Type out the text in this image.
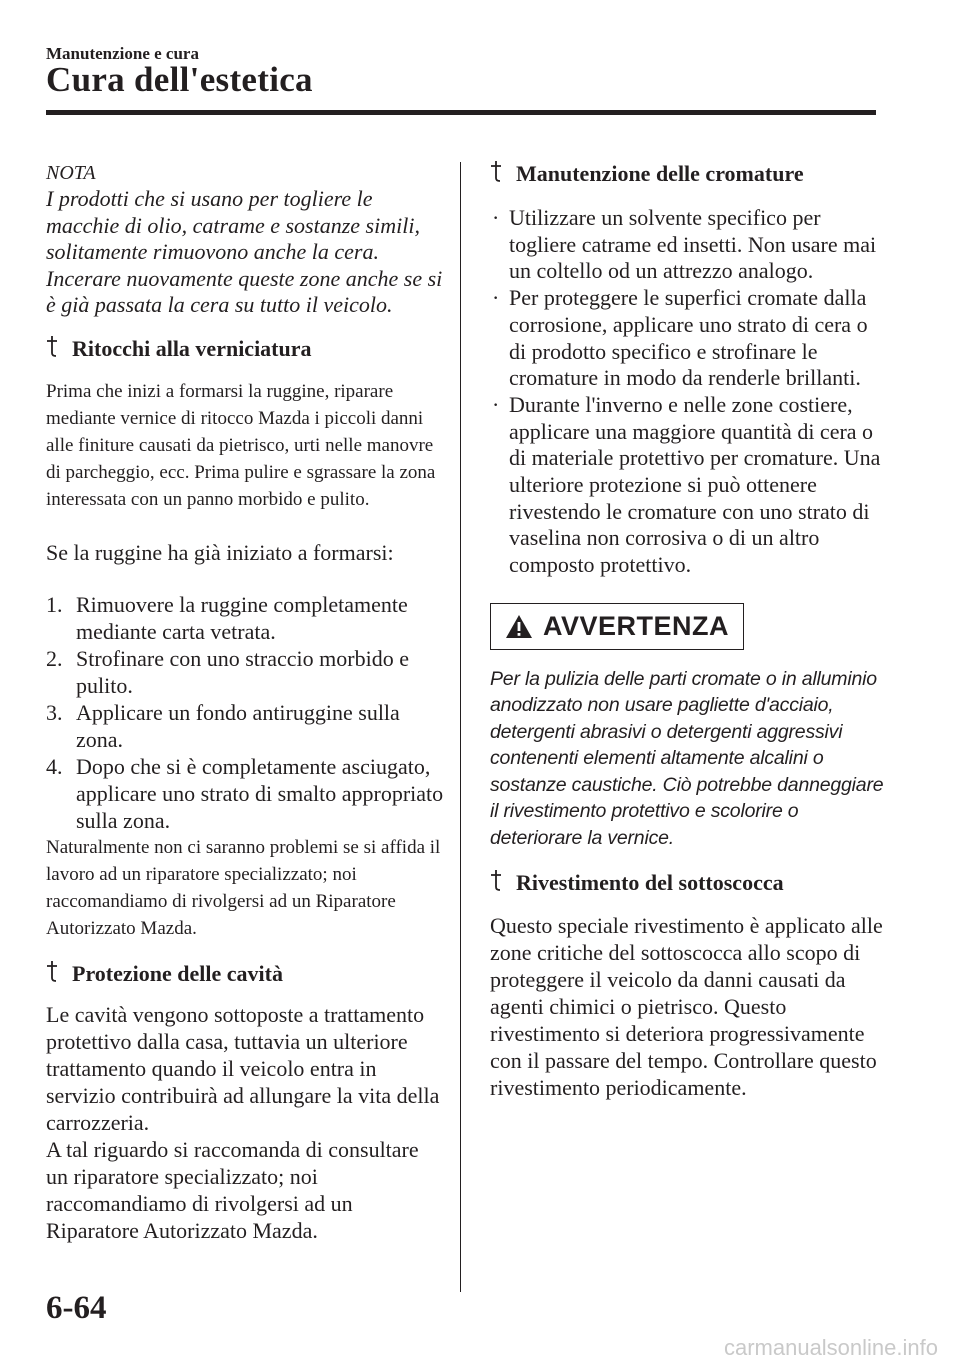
Manutenzione e cura
Cura dell'estetica
NOTA
I prodotti che si usano per togliere le macchie di olio, catrame e sostanze simili, solitamente rimuovono anche la cera. Incerare nuovamente queste zone anche se si è già passata la cera su tutto il veicolo.
Ritocchi alla verniciatura
Prima che inizi a formarsi la ruggine, riparare mediante vernice di ritocco Mazda i piccoli danni alle finiture causati da pietrisco, urti nelle manovre di parcheggio, ecc. Prima pulire e sgrassare la zona interessata con un panno morbido e pulito.
Se la ruggine ha già iniziato a formarsi:
1. Rimuovere la ruggine completamente mediante carta vetrata.
2. Strofinare con uno straccio morbido e pulito.
3. Applicare un fondo antiruggine sulla zona.
4. Dopo che si è completamente asciugato, applicare uno strato di smalto appropriato sulla zona.
Naturalmente non ci saranno problemi se si affida il lavoro ad un riparatore specializzato; noi raccomandiamo di rivolgersi ad un Riparatore Autorizzato Mazda.
Protezione delle cavità
Le cavità vengono sottoposte a trattamento protettivo dalla casa, tuttavia un ulteriore trattamento quando il veicolo entra in servizio contribuirà ad allungare la vita della carrozzeria.
A tal riguardo si raccomanda di consultare un riparatore specializzato; noi raccomandiamo di rivolgersi ad un Riparatore Autorizzato Mazda.
Manutenzione delle cromature
· Utilizzare un solvente specifico per togliere catrame ed insetti. Non usare mai un coltello od un attrezzo analogo.
· Per proteggere le superfici cromate dalla corrosione, applicare uno strato di cera o di prodotto specifico e strofinare le cromature in modo da renderle brillanti.
· Durante l'inverno e nelle zone costiere, applicare una maggiore quantità di cera o di materiale protettivo per cromature. Una ulteriore protezione si può ottenere rivestendo le cromature con uno strato di vaselina non corrosiva o di un altro composto protettivo.
AVVERTENZA
Per la pulizia delle parti cromate o in alluminio anodizzato non usare pagliette d'acciaio, detergenti abrasivi o detergenti aggressivi contenenti elementi altamente alcalini o sostanze caustiche. Ciò potrebbe danneggiare il rivestimento protettivo e scolorire o deteriorare la vernice.
Rivestimento del sottoscocca
Questo speciale rivestimento è applicato alle zone critiche del sottoscocca allo scopo di proteggere il veicolo da danni causati da agenti chimici o pietrisco. Questo rivestimento si deteriora progressivamente con il passare del tempo. Controllare questo rivestimento periodicamente.
6-64
carmanualsonline.info
